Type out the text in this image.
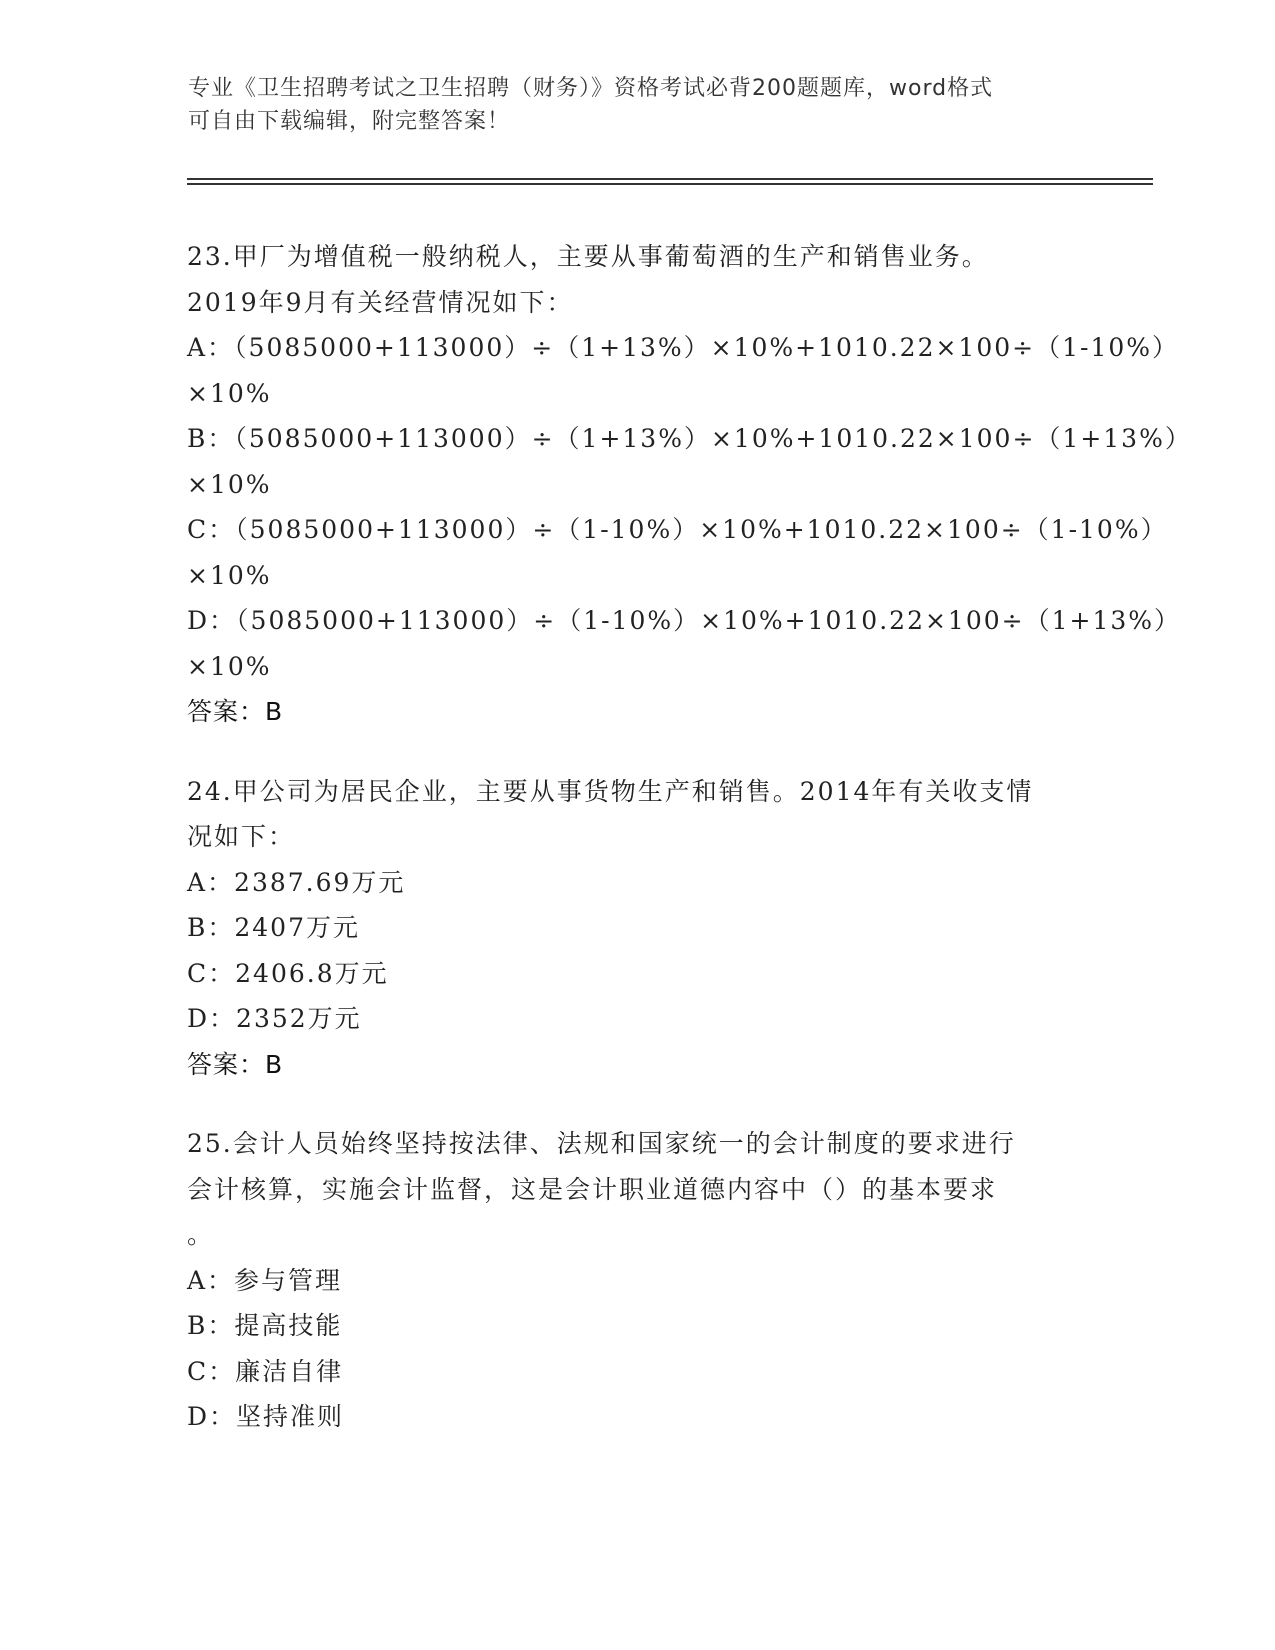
专业《卫生招聘考试之卫生招聘（财务）》资格考试必背200题题库，word格式
可自由下载编辑，附完整答案！
23.甲厂为增值税一般纳税人，主要从事葡萄酒的生产和销售业务。
2019年9月有关经营情况如下：
A：（5085000+113000）÷（1+13%）×10%+1010.22×100÷（1-10%）
×10%
B：（5085000+113000）÷（1+13%）×10%+1010.22×100÷（1+13%）
×10%
C：（5085000+113000）÷（1-10%）×10%+1010.22×100÷（1-10%）
×10%
D：（5085000+113000）÷（1-10%）×10%+1010.22×100÷（1+13%）
×10%
答案：B
24.甲公司为居民企业，主要从事货物生产和销售。2014年有关收支情
况如下：
A：2387.69万元
B：2407万元
C：2406.8万元
D：2352万元
答案：B
25.会计人员始终坚持按法律、法规和国家统一的会计制度的要求进行
会计核算，实施会计监督，这是会计职业道德内容中（）的基本要求
。
A：参与管理
B：提高技能
C：廉洁自律
D：坚持准则
